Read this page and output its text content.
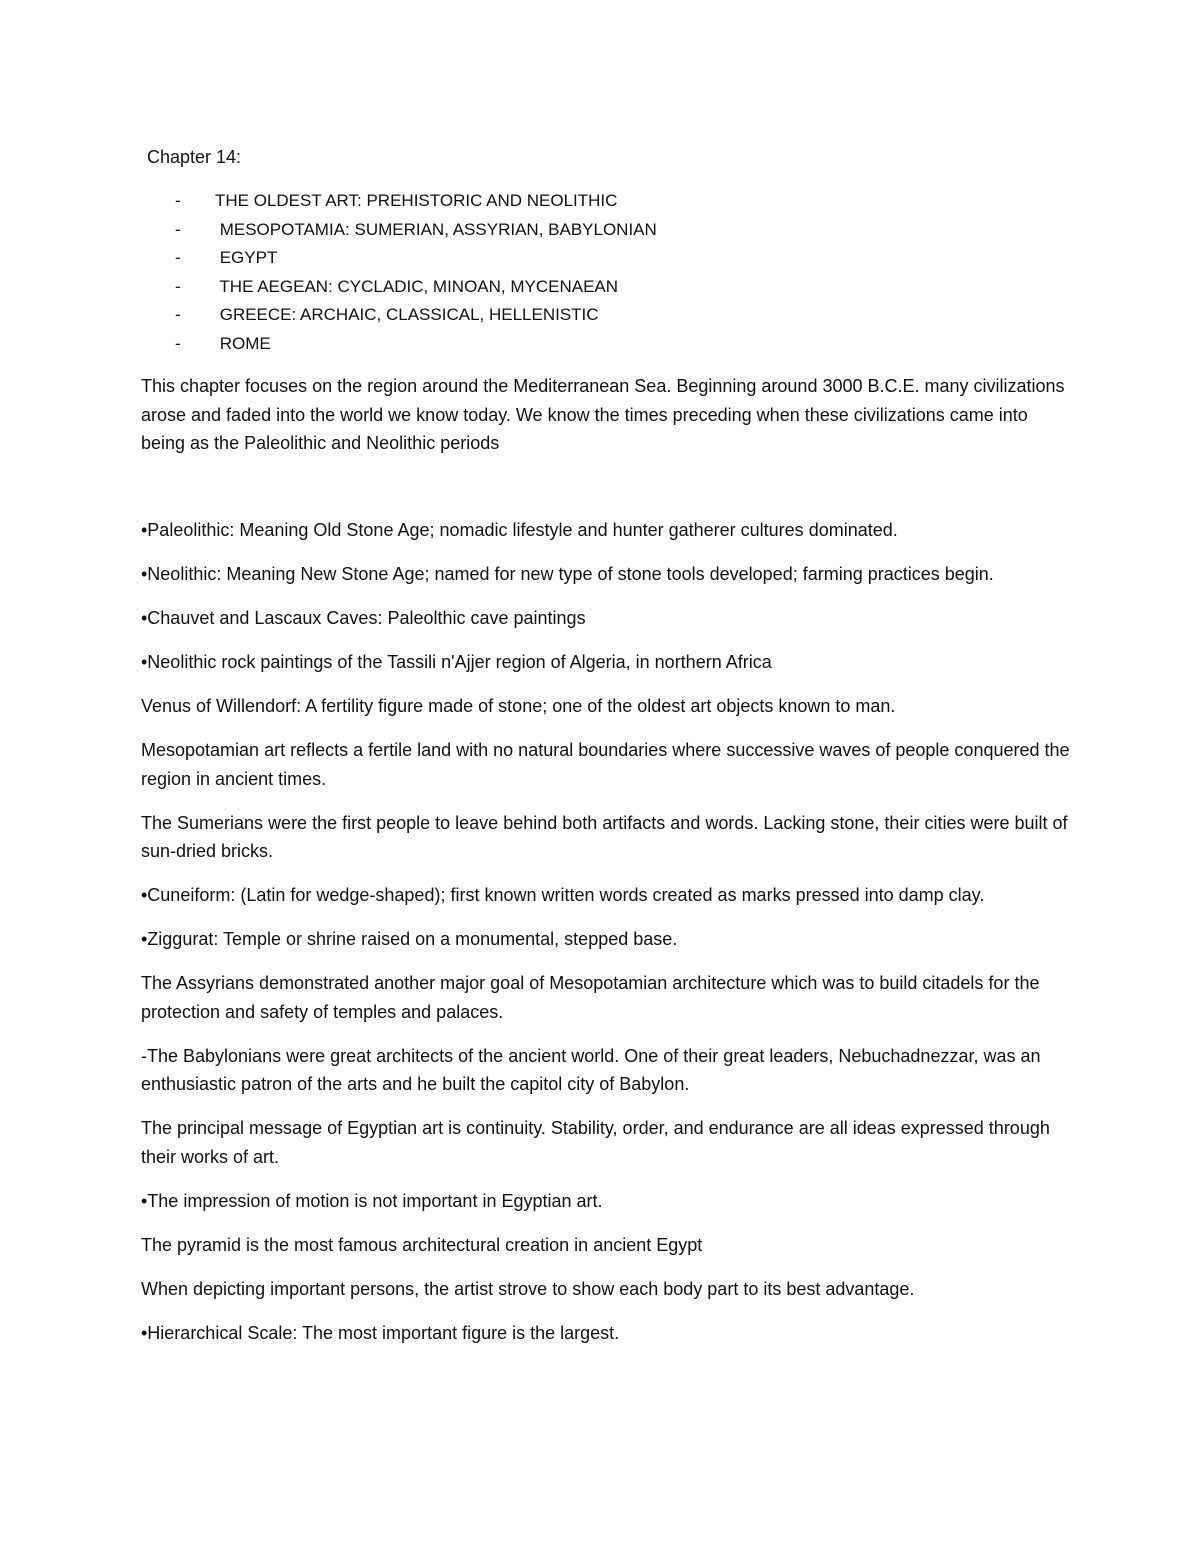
Chapter 14:
- THE OLDEST ART: PREHISTORIC AND NEOLITHIC
- MESOPOTAMIA: SUMERIAN, ASSYRIAN, BABYLONIAN
- EGYPT
- THE AEGEAN: CYCLADIC, MINOAN, MYCENAEAN
- GREECE: ARCHAIC, CLASSICAL, HELLENISTIC
- ROME

This chapter focuses on the region around the Mediterranean Sea. Beginning around 3000 B.C.E. many civilizations arose and faded into the world we know today. We know the times preceding when these civilizations came into being as the Paleolithic and Neolithic periods

•Paleolithic: Meaning Old Stone Age; nomadic lifestyle and hunter gatherer cultures dominated.

•Neolithic: Meaning New Stone Age; named for new type of stone tools developed; farming practices begin.

•Chauvet and Lascaux Caves: Paleolthic cave paintings

•Neolithic rock paintings of the Tassili n'Ajjer region of Algeria, in northern Africa

Venus of Willendorf: A fertility figure made of stone; one of the oldest art objects known to man.

Mesopotamian art reflects a fertile land with no natural boundaries where successive waves of people conquered the region in ancient times.

The Sumerians were the first people to leave behind both artifacts and words. Lacking stone, their cities were built of sun-dried bricks.

•Cuneiform: (Latin for wedge-shaped); first known written words created as marks pressed into damp clay.

•Ziggurat: Temple or shrine raised on a monumental, stepped base.

The Assyrians demonstrated another major goal of Mesopotamian architecture which was to build citadels for the protection and safety of temples and palaces.

-The Babylonians were great architects of the ancient world. One of their great leaders, Nebuchadnezzar, was an enthusiastic patron of the arts and he built the capitol city of Babylon.

The principal message of Egyptian art is continuity. Stability, order, and endurance are all ideas expressed through their works of art.

•The impression of motion is not important in Egyptian art.

The pyramid is the most famous architectural creation in ancient Egypt

When depicting important persons, the artist strove to show each body part to its best advantage.

•Hierarchical Scale: The most important figure is the largest.
